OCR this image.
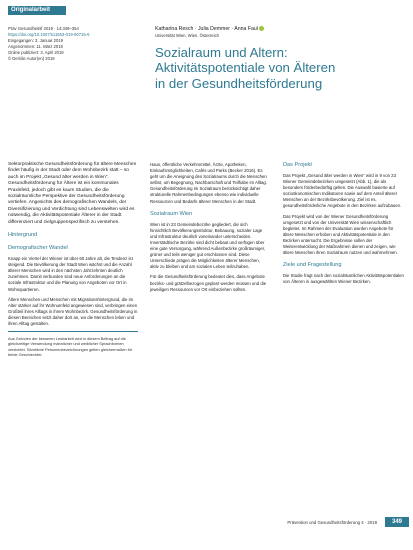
Originalarbeit
Präv Gesundheitsf 2019 · 14:349–354
https://doi.org/10.1007/s11553-019-00715-6
Eingegangen: 3. Januar 2019
Angenommen: 11. März 2019
Online publiziert: 3. April 2019
© Der/die Autor(en) 2019
Katharina Resch · Julia Demmer · Anna Faul
Universität Wien, Wien, Österreich
Sozialraum und Altern:
Aktivitätspotentiale von Älteren
in der Gesundheitsförderung

Sektorpraktische Gesundheitsförderung für ältere Menschen findet häufig in der Stadt oder dem Wohnbezirk statt – so auch im Projekt „Gesund älter werden in Wien“. Gesundheitsförderung für Ältere ist ein kommunales Praxisfeld, jedoch gibt es kaum Studien, die die sozialräumliche Perspektive der Gesundheitsförderung vertiefen. Angesichts des demografischen Wandels, der Diversifizierung und Verdichtung sind Lebenswelten wird es notwendig, die Aktivitätspotentiale Älterer in der Stadt differenziert und zielgruppenspezifisch zu verstehen.

Hintergrund
Demografischer Wandel

Knapp ein Viertel der Wiener ist über 60 Jahre alt, die Tendenz ist steigend. Die Bevölkerung der Stadt Wien wächst und die Anzahl älterer Menschen wird in den nächsten Jahrzehnten deutlich zunehmen. Damit verbunden sind neue Anforderungen an die soziale Infrastruktur und die Planung von Angeboten vor Ort in Wohnquartieren.

Ältere Menschen und Menschen mit Migrationshintergrund, die im Alter stärker auf ihr Wohnumfeld angewiesen sind, verbringen einen Großteil ihres Alltags in ihrem Wohnbezirk. Gesundheitsförderung in diesen Bereichen setzt daher dort an, wo die Menschen leben und ihren Alltag gestalten.

Aus Gründen der besseren Lesbarkeit wird in diesem Beitrag auf die gleichzeitige Verwendung männlicher und weiblicher Sprachformen verzichtet. Sämtliche Personenbezeichnungen gelten gleichermaßen für beide Geschlechter.

Haus, öffentliche Verkehrsmittel, Ärzte, Apotheken, Einkaufsmöglichkeiten, Cafés und Parks (Becker 2016). Es geht um die Aneignung des Sozialraums durch die Menschen selbst, um Begegnung, Nachbarschaft und Teilhabe im Alltag. Gesundheitsförderung im Sozialraum berücksichtigt daher strukturelle Rahmenbedingungen ebenso wie individuelle Ressourcen und Bedarfe älterer Menschen in der Stadt.

Sozialraum Wien

Wien ist in 23 Gemeindebezirke gegliedert, die sich hinsichtlich Bevölkerungsstruktur, Bebauung, sozialer Lage und Infrastruktur deutlich voneinander unterscheiden. Innerstädtische Bezirke sind dicht bebaut und verfügen über eine gute Versorgung, während Außenbezirke großräumiger, grüner und teils weniger gut erschlossen sind. Diese Unterschiede prägen die Möglichkeiten älterer Menschen, aktiv zu bleiben und am sozialen Leben teilzuhaben.

Für die Gesundheitsförderung bedeutet dies, dass Angebote bezirks- und grätzelbezogen geplant werden müssen und die jeweiligen Ressourcen vor Ort einbeziehen sollten.

Das Projekt

Das Projekt „Gesund älter werden in Wien“ wird in 9 von 23 Wiener Gemeindebezirken umgesetzt (Abb. 1), die als besonders förderbedürftig gelten. Die Auswahl basierte auf sozioökonomischen Indikatoren sowie auf dem Anteil älterer Menschen an der Bezirksbevölkerung. Ziel ist es, gesundheitsförderliche Angebote in den Bezirken aufzubauen.

Das Projekt wird von der Wiener Gesundheitsförderung umgesetzt und von der Universität Wien wissenschaftlich begleitet. Im Rahmen der Evaluation wurden Angebote für ältere Menschen erhoben und Aktivitätspotentiale in den Bezirken untersucht. Die Ergebnisse sollen der Weiterentwicklung der Maßnahmen dienen und zeigen, wie ältere Menschen ihren Sozialraum nutzen und wahrnehmen.

Ziele und Fragestellung

Die Studie fragt nach den sozialräumlichen Aktivitätspotentialen von Älteren in ausgewählten Wiener Bezirken.

Prävention und Gesundheitsförderung 4 · 2019	349
